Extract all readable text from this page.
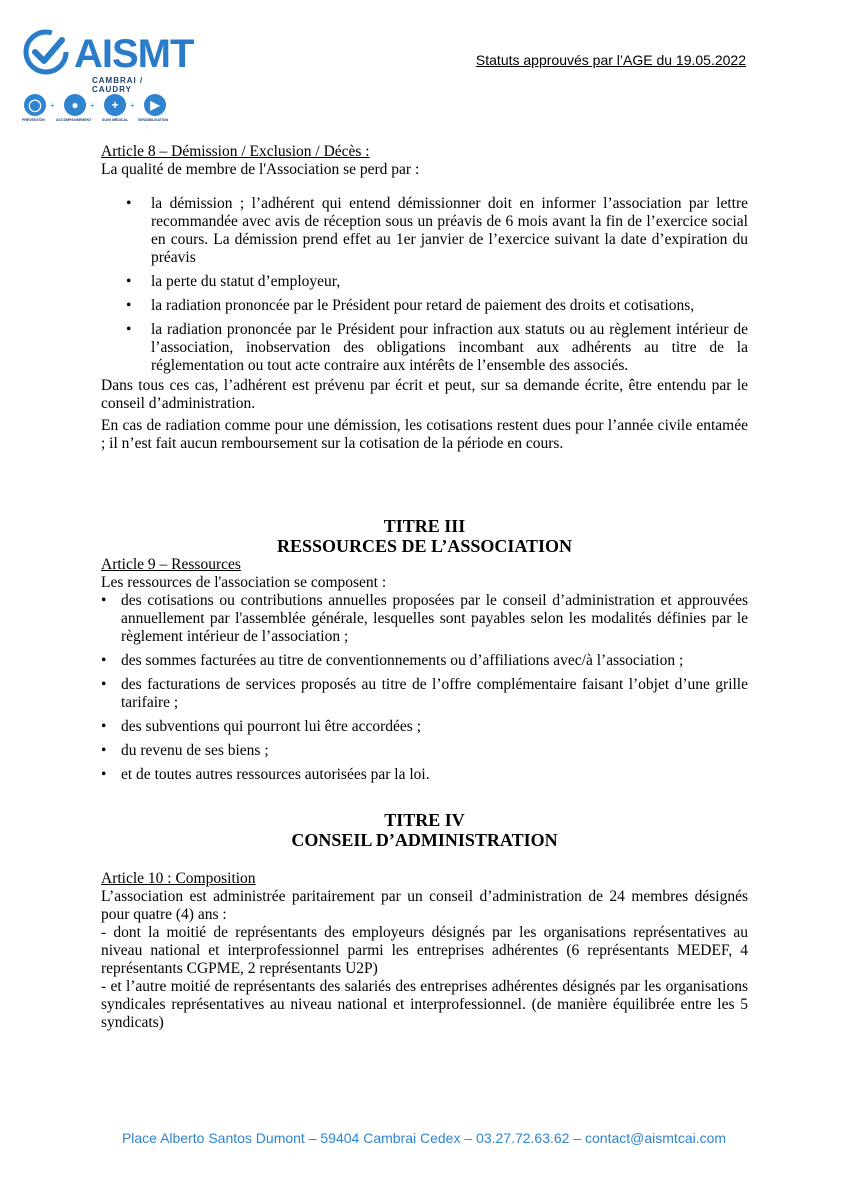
AISMT
CAMBRAI / CAUDRY
◯	+	●	+	+	+	▶
PRÉVENTION	ACCOMPAGNEMENT	SUIVI MÉDICAL	SENSIBILISATION
Statuts approuvés par l’AGE du 19.05.2022

Article 8 – Démission / Exclusion / Décès :

La qualité de membre de l'Association se perd par :

• la démission ; l’adhérent qui entend démissionner doit en informer l’association par lettre recommandée avec avis de réception sous un préavis de 6 mois avant la fin de l’exercice social en cours. La démission prend effet au 1er janvier de l’exercice suivant la date d’expiration du préavis
• la perte du statut d’employeur,
• la radiation prononcée par le Président pour retard de paiement des droits et cotisations,
• la radiation prononcée par le Président pour infraction aux statuts ou au règlement intérieur de l’association, inobservation des obligations incombant aux adhérents au titre de la réglementation ou tout acte contraire aux intérêts de l’ensemble des associés.

Dans tous ces cas, l’adhérent est prévenu par écrit et peut, sur sa demande écrite, être entendu par le conseil d’administration.

En cas de radiation comme pour une démission, les cotisations restent dues pour l’année civile entamée ; il n’est fait aucun remboursement sur la cotisation de la période en cours.

TITRE III

RESSOURCES DE L’ASSOCIATION

Article 9 – Ressources

Les ressources de l'association se composent :

• des cotisations ou contributions annuelles proposées par le conseil d’administration et approuvées annuellement par l'assemblée générale, lesquelles sont payables selon les modalités définies par le règlement intérieur de l’association ;
• des sommes facturées au titre de conventionnements ou d’affiliations avec/à l’association ;
• des facturations de services proposés au titre de l’offre complémentaire faisant l’objet d’une grille tarifaire ;
• des subventions qui pourront lui être accordées ;
• du revenu de ses biens ;
• et de toutes autres ressources autorisées par la loi.

TITRE IV

CONSEIL D’ADMINISTRATION

Article 10 : Composition

L’association est administrée paritairement par un conseil d’administration de 24 membres désignés pour quatre (4) ans :

- dont la moitié de représentants des employeurs désignés par les organisations représentatives au niveau national et interprofessionnel parmi les entreprises adhérentes (6 représentants MEDEF, 4 représentants CGPME, 2 représentants U2P)

- et l’autre moitié de représentants des salariés des entreprises adhérentes désignés par les organisations syndicales représentatives au niveau national et interprofessionnel. (de manière équilibrée entre les 5 syndicats)

Place Alberto Santos Dumont – 59404 Cambrai Cedex – 03.27.72.63.62 – contact@aismtcai.com
